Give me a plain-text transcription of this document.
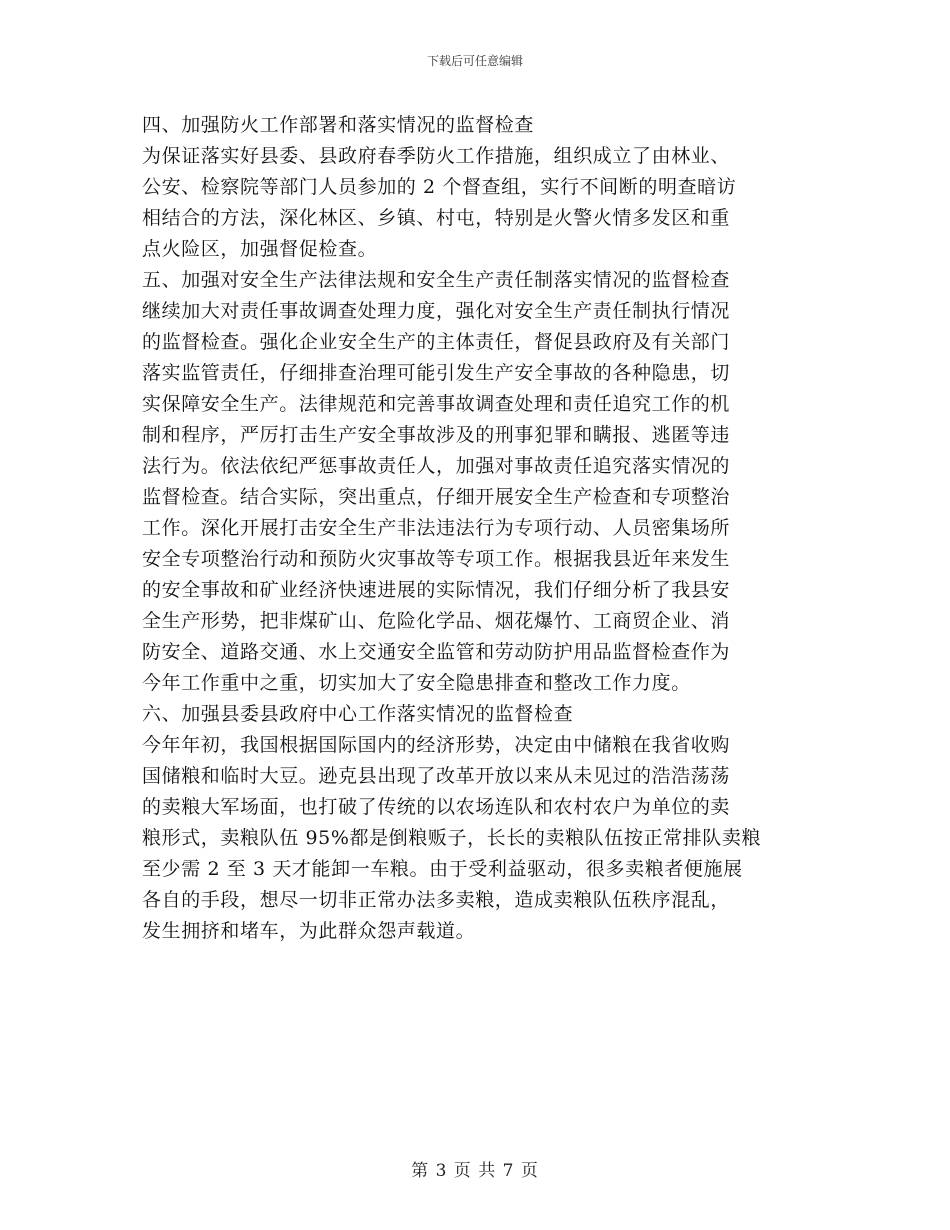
下载后可任意编辑
四、加强防火工作部署和落实情况的监督检查
为保证落实好县委、县政府春季防火工作措施，组织成立了由林业、
公安、检察院等部门人员参加的 2 个督查组，实行不间断的明查暗访
相结合的方法，深化林区、乡镇、村屯，特别是火警火情多发区和重
点火险区，加强督促检查。
五、加强对安全生产法律法规和安全生产责任制落实情况的监督检查
继续加大对责任事故调查处理力度，强化对安全生产责任制执行情况
的监督检查。强化企业安全生产的主体责任，督促县政府及有关部门
落实监管责任，仔细排查治理可能引发生产安全事故的各种隐患，切
实保障安全生产。法律规范和完善事故调查处理和责任追究工作的机
制和程序，严厉打击生产安全事故涉及的刑事犯罪和瞒报、逃匿等违
法行为。依法依纪严惩事故责任人，加强对事故责任追究落实情况的
监督检查。结合实际，突出重点，仔细开展安全生产检查和专项整治
工作。深化开展打击安全生产非法违法行为专项行动、人员密集场所
安全专项整治行动和预防火灾事故等专项工作。根据我县近年来发生
的安全事故和矿业经济快速进展的实际情况，我们仔细分析了我县安
全生产形势，把非煤矿山、危险化学品、烟花爆竹、工商贸企业、消
防安全、道路交通、水上交通安全监管和劳动防护用品监督检查作为
今年工作重中之重，切实加大了安全隐患排查和整改工作力度。
六、加强县委县政府中心工作落实情况的监督检查
今年年初，我国根据国际国内的经济形势，决定由中储粮在我省收购
国储粮和临时大豆。逊克县出现了改革开放以来从未见过的浩浩荡荡
的卖粮大军场面，也打破了传统的以农场连队和农村农户为单位的卖
粮形式，卖粮队伍 95%都是倒粮贩子，长长的卖粮队伍按正常排队卖粮
至少需 2 至 3 天才能卸一车粮。由于受利益驱动，很多卖粮者便施展
各自的手段，想尽一切非正常办法多卖粮，造成卖粮队伍秩序混乱，
发生拥挤和堵车，为此群众怨声载道。
第 3 页 共 7 页
